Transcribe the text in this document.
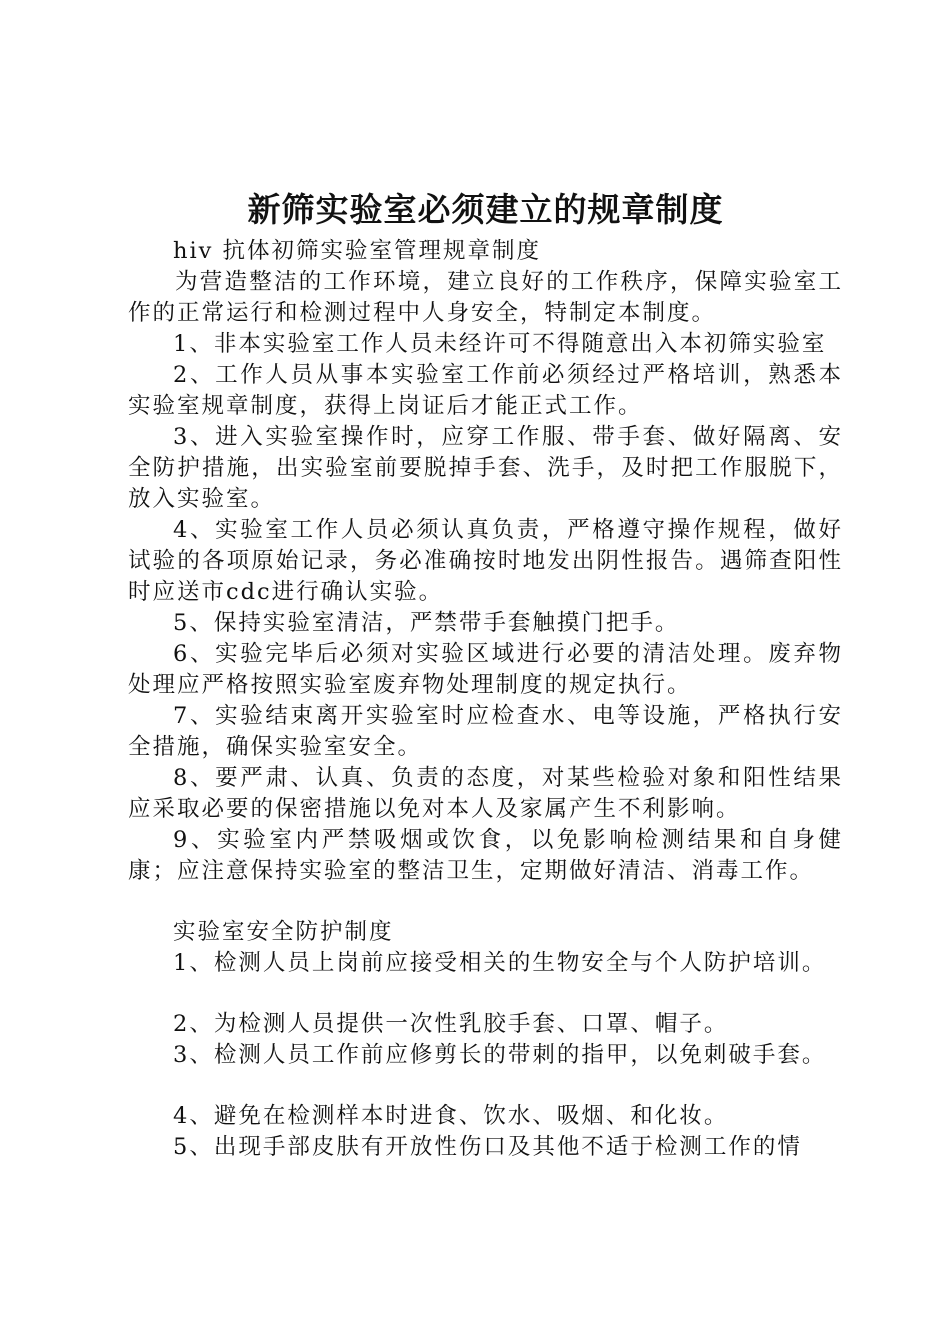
新筛实验室必须建立的规章制度

hiv 抗体初筛实验室管理规章制度

为营造整洁的工作环境，建立良好的工作秩序，保障实验室工作的正常运行和检测过程中人身安全，特制定本制度。

1、非本实验室工作人员未经许可不得随意出入本初筛实验室

2、工作人员从事本实验室工作前必须经过严格培训，熟悉本实验室规章制度，获得上岗证后才能正式工作。

3、进入实验室操作时，应穿工作服、带手套、做好隔离、安全防护措施，出实验室前要脱掉手套、洗手，及时把工作服脱下，放入实验室。

4、实验室工作人员必须认真负责，严格遵守操作规程，做好试验的各项原始记录，务必准确按时地发出阴性报告。遇筛查阳性时应送市cdc进行确认实验。

5、保持实验室清洁，严禁带手套触摸门把手。

6、实验完毕后必须对实验区域进行必要的清洁处理。废弃物处理应严格按照实验室废弃物处理制度的规定执行。

7、实验结束离开实验室时应检查水、电等设施，严格执行安全措施，确保实验室安全。

8、要严肃、认真、负责的态度，对某些检验对象和阳性结果应采取必要的保密措施以免对本人及家属产生不利影响。

9、实验室内严禁吸烟或饮食，以免影响检测结果和自身健康；应注意保持实验室的整洁卫生，定期做好清洁、消毒工作。

实验室安全防护制度

1、检测人员上岗前应接受相关的生物安全与个人防护培训。

2、为检测人员提供一次性乳胶手套、口罩、帽子。

3、检测人员工作前应修剪长的带刺的指甲，以免刺破手套。

4、避免在检测样本时进食、饮水、吸烟、和化妆。

5、出现手部皮肤有开放性伤口及其他不适于检测工作的情
